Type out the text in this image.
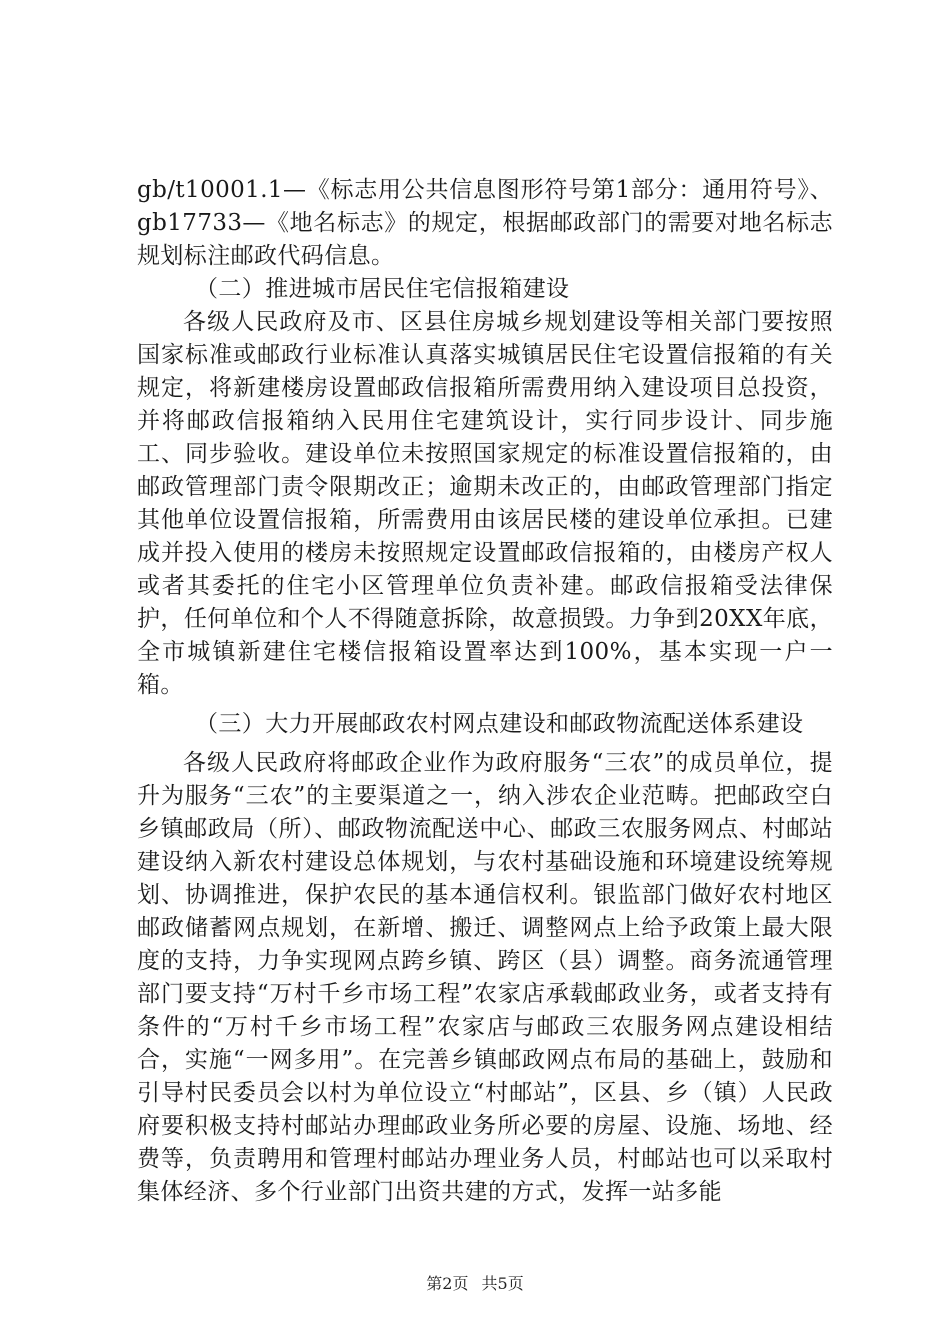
gb/t10001.1—《标志用公共信息图形符号第1部分：通用符号》、gb17733—《地名标志》的规定，根据邮政部门的需要对地名标志规划标注邮政代码信息。

（二）推进城市居民住宅信报箱建设

各级人民政府及市、区县住房城乡规划建设等相关部门要按照国家标准或邮政行业标准认真落实城镇居民住宅设置信报箱的有关规定，将新建楼房设置邮政信报箱所需费用纳入建设项目总投资，并将邮政信报箱纳入民用住宅建筑设计，实行同步设计、同步施工、同步验收。建设单位未按照国家规定的标准设置信报箱的，由邮政管理部门责令限期改正；逾期未改正的，由邮政管理部门指定其他单位设置信报箱，所需费用由该居民楼的建设单位承担。已建成并投入使用的楼房未按照规定设置邮政信报箱的，由楼房产权人或者其委托的住宅小区管理单位负责补建。邮政信报箱受法律保护，任何单位和个人不得随意拆除，故意损毁。力争到20XX年底，全市城镇新建住宅楼信报箱设置率达到100%，基本实现一户一箱。

（三）大力开展邮政农村网点建设和邮政物流配送体系建设

各级人民政府将邮政企业作为政府服务“三农”的成员单位，提升为服务“三农”的主要渠道之一，纳入涉农企业范畴。把邮政空白乡镇邮政局（所）、邮政物流配送中心、邮政三农服务网点、村邮站建设纳入新农村建设总体规划，与农村基础设施和环境建设统筹规划、协调推进，保护农民的基本通信权利。银监部门做好农村地区邮政储蓄网点规划，在新增、搬迁、调整网点上给予政策上最大限度的支持，力争实现网点跨乡镇、跨区（县）调整。商务流通管理部门要支持“万村千乡市场工程”农家店承载邮政业务，或者支持有条件的“万村千乡市场工程”农家店与邮政三农服务网点建设相结合，实施“一网多用”。在完善乡镇邮政网点布局的基础上，鼓励和引导村民委员会以村为单位设立“村邮站”，区县、乡（镇）人民政府要积极支持村邮站办理邮政业务所必要的房屋、设施、场地、经费等，负责聘用和管理村邮站办理业务人员，村邮站也可以采取村集体经济、多个行业部门出资共建的方式，发挥一站多能

第2页 共5页
